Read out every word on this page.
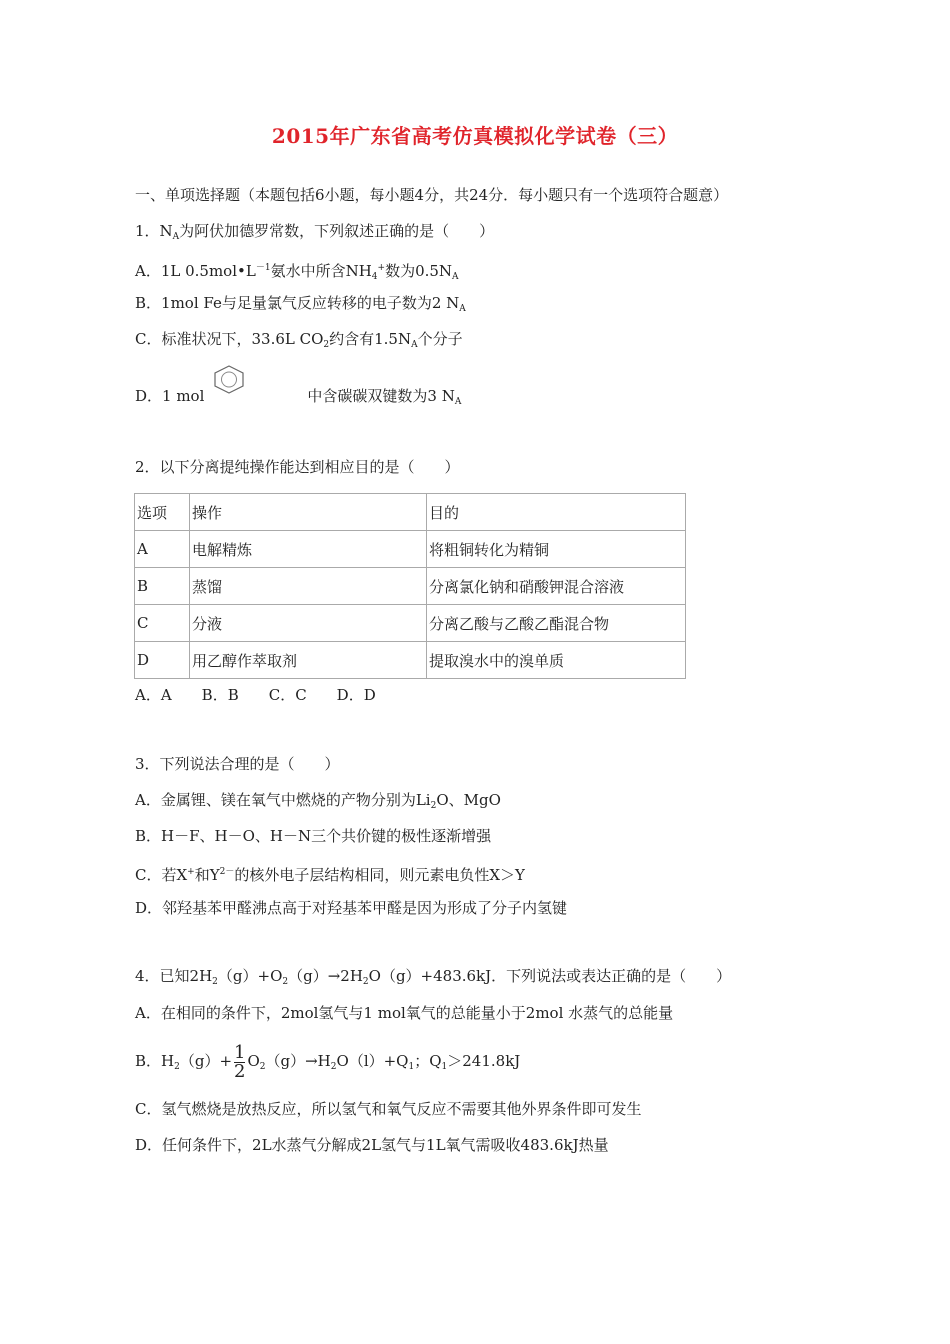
2015年广东省高考仿真模拟化学试卷（三）
一、单项选择题（本题包括6小题，每小题4分，共24分．每小题只有一个选项符合题意）
1．$N_A$为阿伏加德罗常数，下列叙述正确的是（　　）
A．1L $0.5mol•L^{-1}$氨水中所含$NH_4^+$数为$0.5N_A$
B．1mol Fe与足量氯气反应转移的电子数为2 $N_A$
C．标准状况下，33.6L $CO_2$约含有$1.5N_A$个分子
D．1 mol	中含碳碳双键数为3 $N_A$
2．以下分离提纯操作能达到相应目的是（　　）
选项	操作	目的
A	电解精炼	将粗铜转化为精铜
B	蒸馏	分离氯化钠和硝酸钾混合溶液
C	分液	分离乙酸与乙酸乙酯混合物
D	用乙醇作萃取剂	提取溴水中的溴单质
A．A　　B．B　　C．C　　D．D
3．下列说法合理的是（　　）
A．金属锂、镁在氧气中燃烧的产物分别为$Li_2O$、MgO
B．H－F、H－O、H－N三个共价键的极性逐渐增强
C．若X+和$Y^{2-}$的核外电子层结构相同，则元素电负性X＞Y
D．邻羟基苯甲醛沸点高于对羟基苯甲醛是因为形成了分子内氢键
4．已知$2H_2(g)+O_2(g)\to 2H_2O(g)+483.6kJ$．下列说法或表达正确的是（　　）
A．在相同的条件下，2mol氢气与1 mol氧气的总能量小于2mol 水蒸气的总能量
B．$H_2(g)+ \frac{1}{2} O_2(g)\to H_2O(l)+Q_1$；$Q_1>241.8kJ$
C．氢气燃烧是放热反应，所以氢气和氧气反应不需要其他外界条件即可发生
D．任何条件下，2L水蒸气分解成2L氢气与1L氧气需吸收483.6kJ热量
